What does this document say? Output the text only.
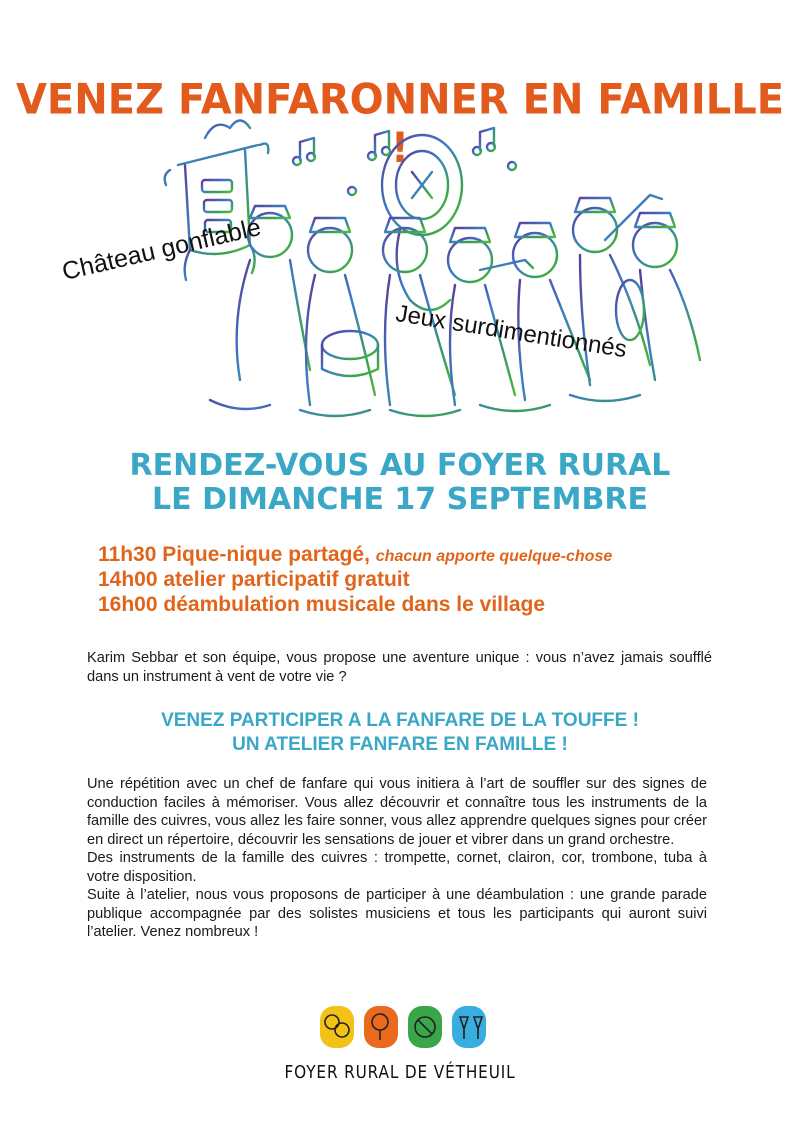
VENEZ FANFARONNER EN FAMILLE !
Château gonflable
Jeux surdimentionnés
RENDEZ-VOUS AU FOYER RURAL
LE DIMANCHE 17 SEPTEMBRE
11h30 Pique-nique partagé, chacun apporte quelque-chose
14h00 atelier participatif gratuit
16h00 déambulation musicale dans le village

Karim Sebbar et son équipe, vous propose une aventure unique : vous n’avez jamais soufflé dans un instrument à vent de votre vie ?

VENEZ PARTICIPER A LA FANFARE DE LA TOUFFE !
UN ATELIER FANFARE EN FAMILLE !

Une répétition avec un chef de fanfare qui vous initiera à l’art de souffler sur des signes de conduction faciles à mémoriser. Vous allez découvrir et connaître tous les instruments de la famille des cuivres, vous allez les faire sonner, vous allez apprendre quelques signes pour créer en direct un répertoire, découvrir les sensations de jouer et vibrer dans un grand orchestre.

Des instruments de la famille des cuivres : trompette, cornet, clairon, cor, trombone, tuba à votre disposition.

Suite à l’atelier, nous vous proposons de participer à une déambulation : une grande parade publique accompagnée par des solistes musiciens et tous les participants qui auront suivi l’atelier. Venez nombreux !

FOYER RURAL DE VÉTHEUIL
